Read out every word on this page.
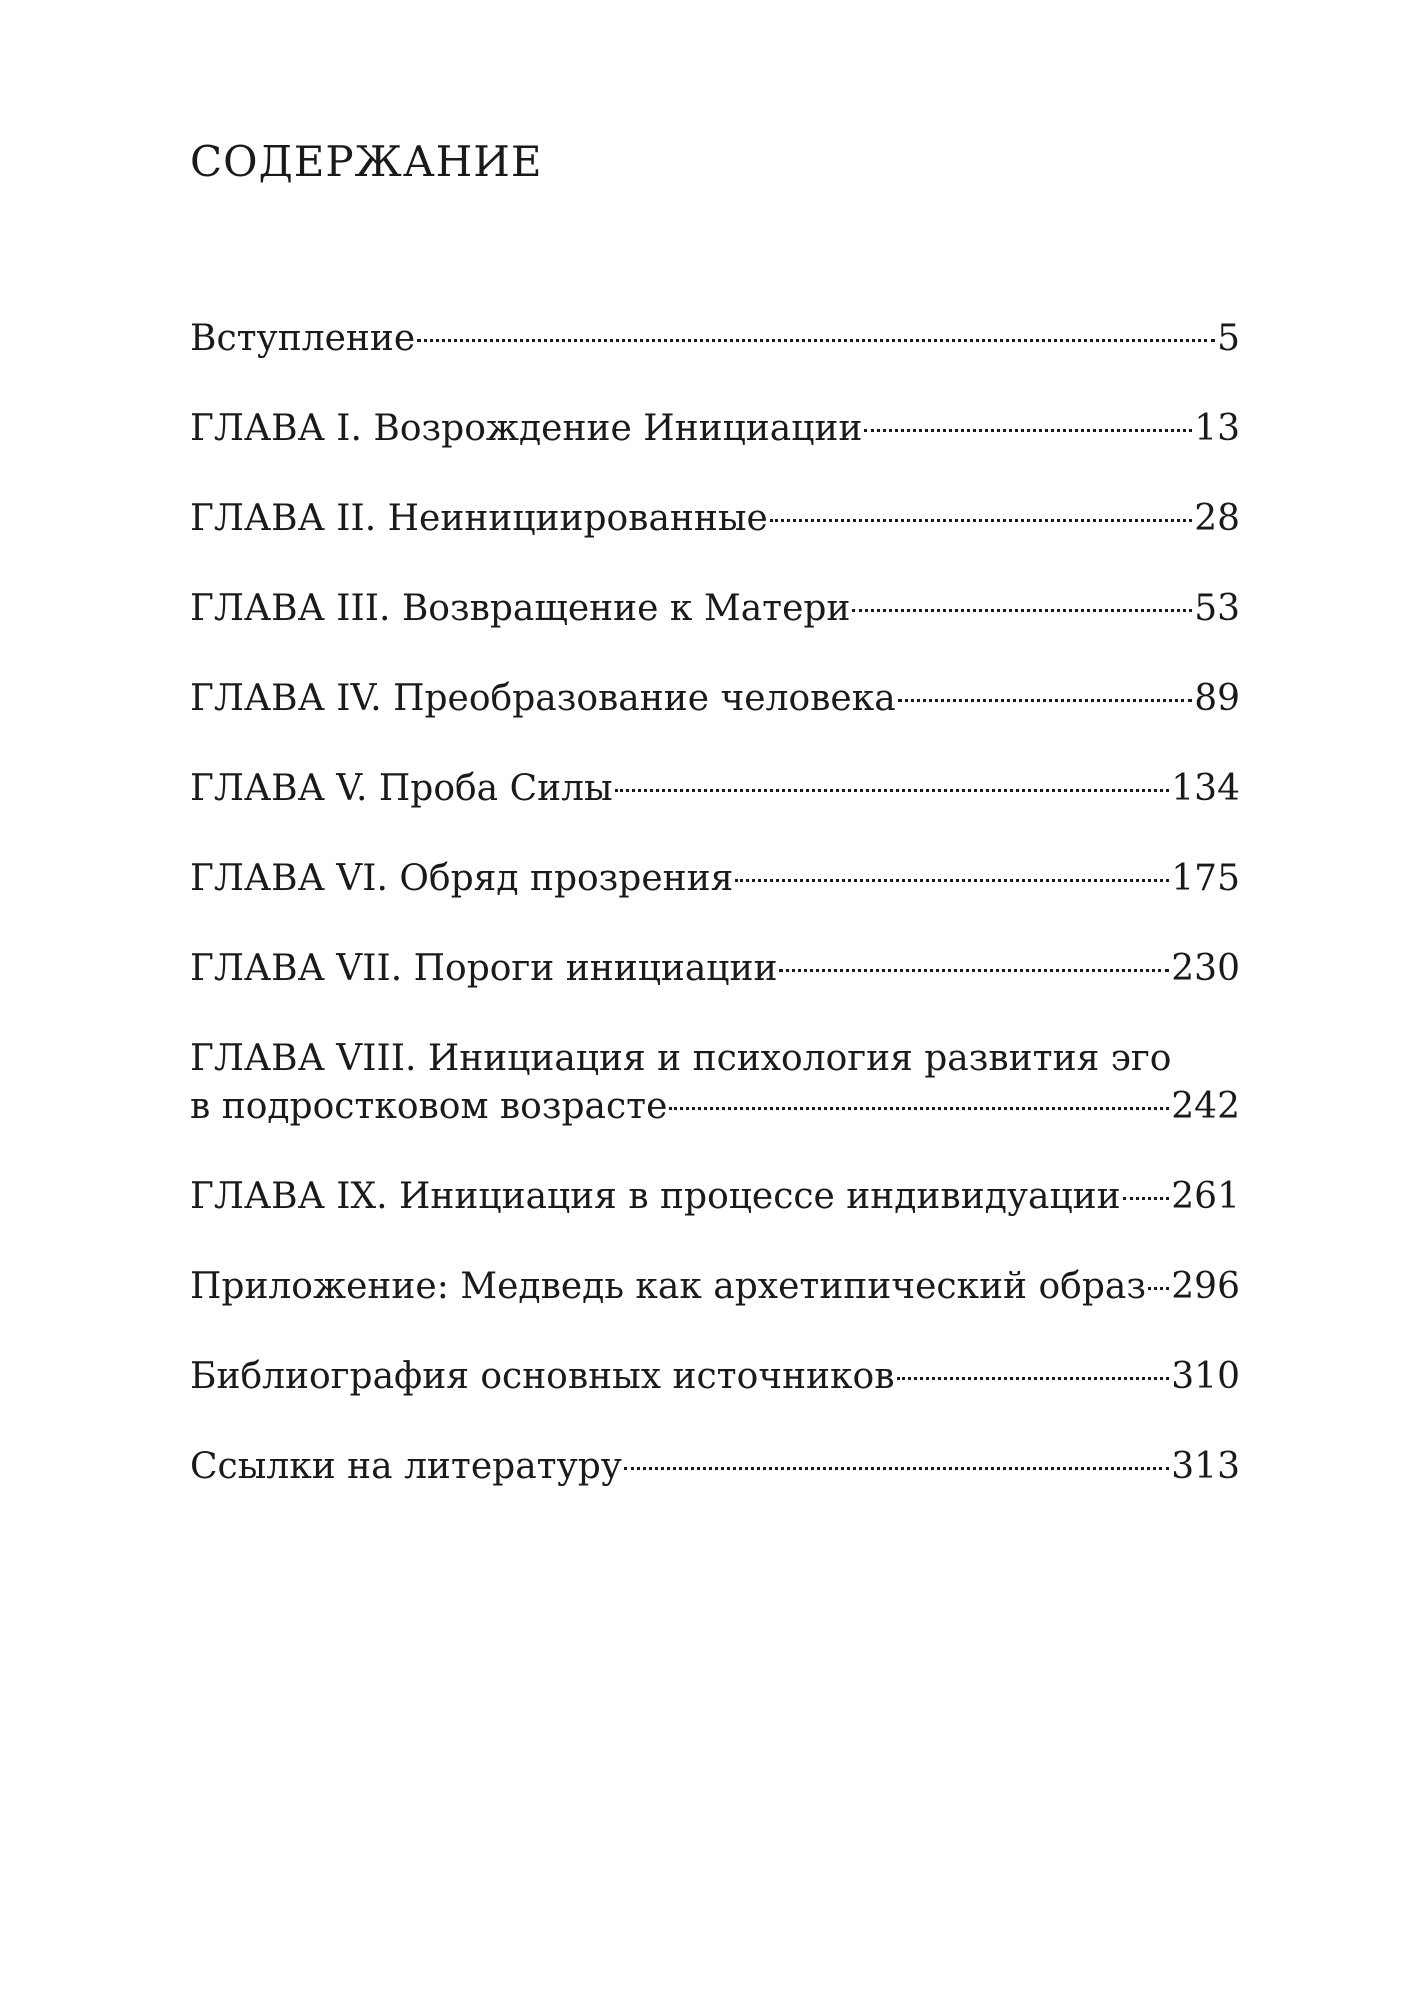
СОДЕРЖАНИЕ
Вступление	5
ГЛАВА I. Возрождение Инициации	13
ГЛАВА II. Неинициированные	28
ГЛАВА III. Возвращение к Матери	53
ГЛАВА IV. Преобразование человека	89
ГЛАВА V. Проба Силы	134
ГЛАВА VI. Обряд прозрения	175
ГЛАВА VII. Пороги инициации	230
ГЛАВА VIII. Инициация и психология развития эго
в подростковом возрасте	242
ГЛАВА IX. Инициация в процессе индивидуации 261
Приложение: Медведь как архетипический образ 296
Библиография основных источников	310
Ссылки на литературу	313
